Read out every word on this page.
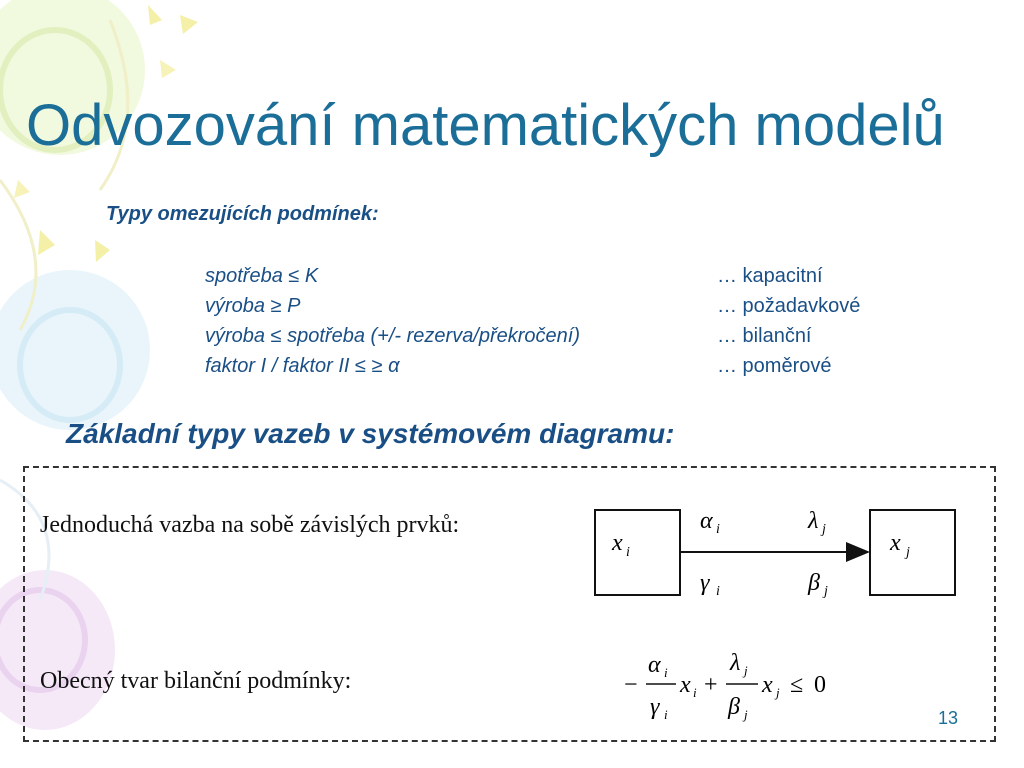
Odvozování matematických modelů
Typy omezujících podmínek:
spotřeba ≤ K	… kapacitní
výroba ≥ P	… požadavkové
výroba ≤ spotřeba (+/- rezerva/překročení)	… bilanční
faktor I / faktor II ≤ ≥ α	… poměrové
Základní typy vazeb v systémovém diagramu:
Jednoduchá vazba na sobě závislých prvků:
Obecný tvar bilanční podmínky:
x i	x j
α i	λ j
γ i	β j
−
α i
γ i
x i +
λ j
β j
x j ≤ 0
13
